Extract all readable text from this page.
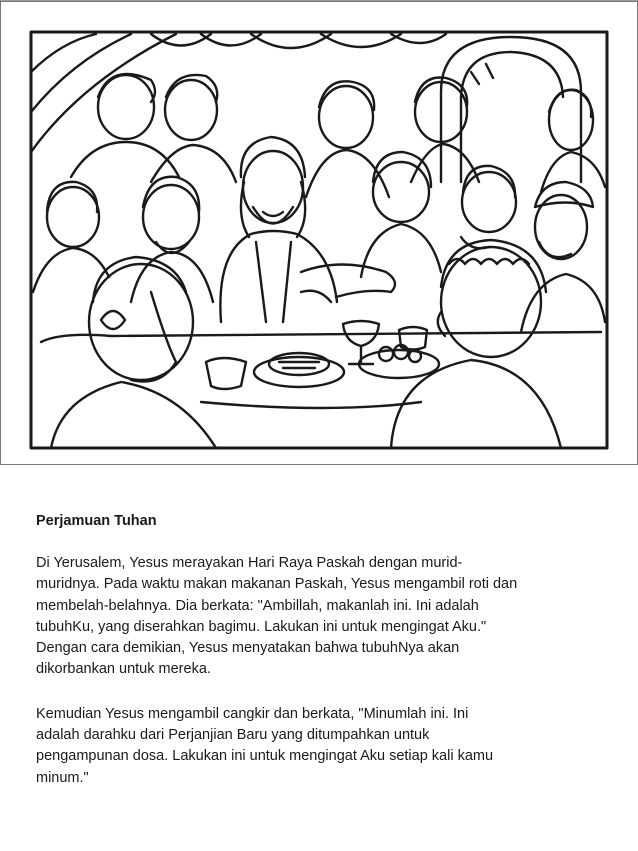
Perjamuan Tuhan
Di Yerusalem, Yesus merayakan Hari Raya Paskah dengan murid-
muridnya. Pada waktu makan makanan Paskah, Yesus mengambil roti dan
membelah-belahnya. Dia berkata: "Ambillah, makanlah ini. Ini adalah
tubuhKu, yang diserahkan bagimu. Lakukan ini untuk mengingat Aku."
Dengan cara demikian, Yesus menyatakan bahwa tubuhNya akan
dikorbankan untuk mereka.
Kemudian Yesus mengambil cangkir dan berkata, "Minumlah ini. Ini
adalah darahku dari Perjanjian Baru yang ditumpahkan untuk
pengampunan dosa. Lakukan ini untuk mengingat Aku setiap kali kamu
minum."
